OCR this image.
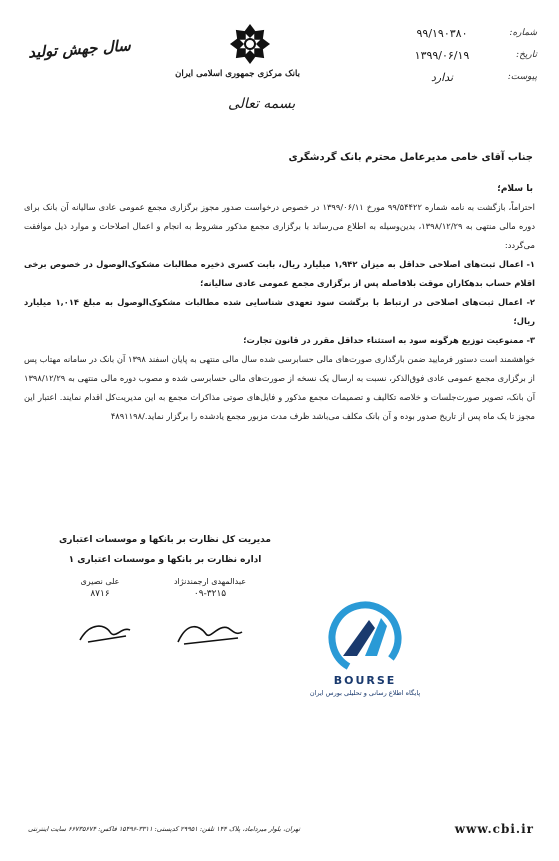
شماره:
۹۹/۱۹۰۳۸۰
تاریخ:
۱۳۹۹/۰۶/۱۹
پیوست:
ندارد
بانک مرکزی جمهوری اسلامی ایران
بسمه تعالی
سال جهش تولید
جناب آقای خامی مدیرعامل محترم بانک گردشگری
با سلام؛

احتراماً، بازگشت به نامه شماره ۹۹/۵۴۴۲۲ مورخ ۱۳۹۹/۰۶/۱۱ در خصوص درخواست صدور مجوز برگزاری مجمع عمومی عادی سالیانه آن بانک برای دوره مالی منتهی به ۱۳۹۸/۱۲/۲۹، بدین‌وسیله به اطلاع می‌رساند با برگزاری مجمع مذکور مشروط به انجام و اعمال اصلاحات و موارد ذیل موافقت می‌گردد:

۱- اعمال ثبت‌های اصلاحی حداقل به میزان ۱,۹۴۲ میلیارد ریال، بابت کسری ذخیره مطالبات مشکوک‌الوصول در خصوص برخی اقلام حساب بدهکاران موقت بلافاصله پس از برگزاری مجمع عمومی عادی سالیانه؛

۲- اعمال ثبت‌های اصلاحی در ارتباط با برگشت سود تعهدی شناسایی شده مطالبات مشکوک‌الوصول به مبلغ ۱,۰۱۴ میلیارد ریال؛

۳- ممنوعیت توزیع هرگونه سود به استثناء حداقل مقرر در قانون تجارت؛

خواهشمند است دستور فرمایید ضمن بارگذاری صورت‌های مالی حسابرسی شده سال مالی منتهی به پایان اسفند ۱۳۹۸ آن بانک در سامانه مهتاب پس از برگزاری مجمع عمومی عادی فوق‌الذکر، نسبت به ارسال یک نسخه از صورت‌های مالی حسابرسی شده و مصوب دوره مالی منتهی به ۱۳۹۸/۱۲/۲۹ آن بانک، تصویر صورت‌جلسات و خلاصه تکالیف و تصمیمات مجمع مذکور و فایل‌های صوتی مذاکرات مجمع به این مدیریت‌کل اقدام نمایند. اعتبار این مجوز تا یک ماه پس از تاریخ صدور بوده و آن بانک مکلف می‌باشد ظرف مدت مزبور مجمع یادشده را برگزار نماید./۴۸۹۱۱۹۸

مدیریت کل نظارت بر بانکها و موسسات اعتباری
اداره نظارت بر بانکها و موسسات اعتباری ۱
عبدالمهدی ارجمندنژاد
۰۹-۳۲۱۵
علی نصیری
۸۷۱۶
BOURSE
پایگاه اطلاع رسانی و تحلیلی بورس ایران
www.cbi.ir
تهران، بلوار میرداماد، پلاک ۱۴۴ تلفن: ۲۹۹۵۱ کدپستی: ۳۳۱۱-۱۵۴۹۶ فاکس: ۶۶۷۳۵۶۷۴ سایت اینترنتی
